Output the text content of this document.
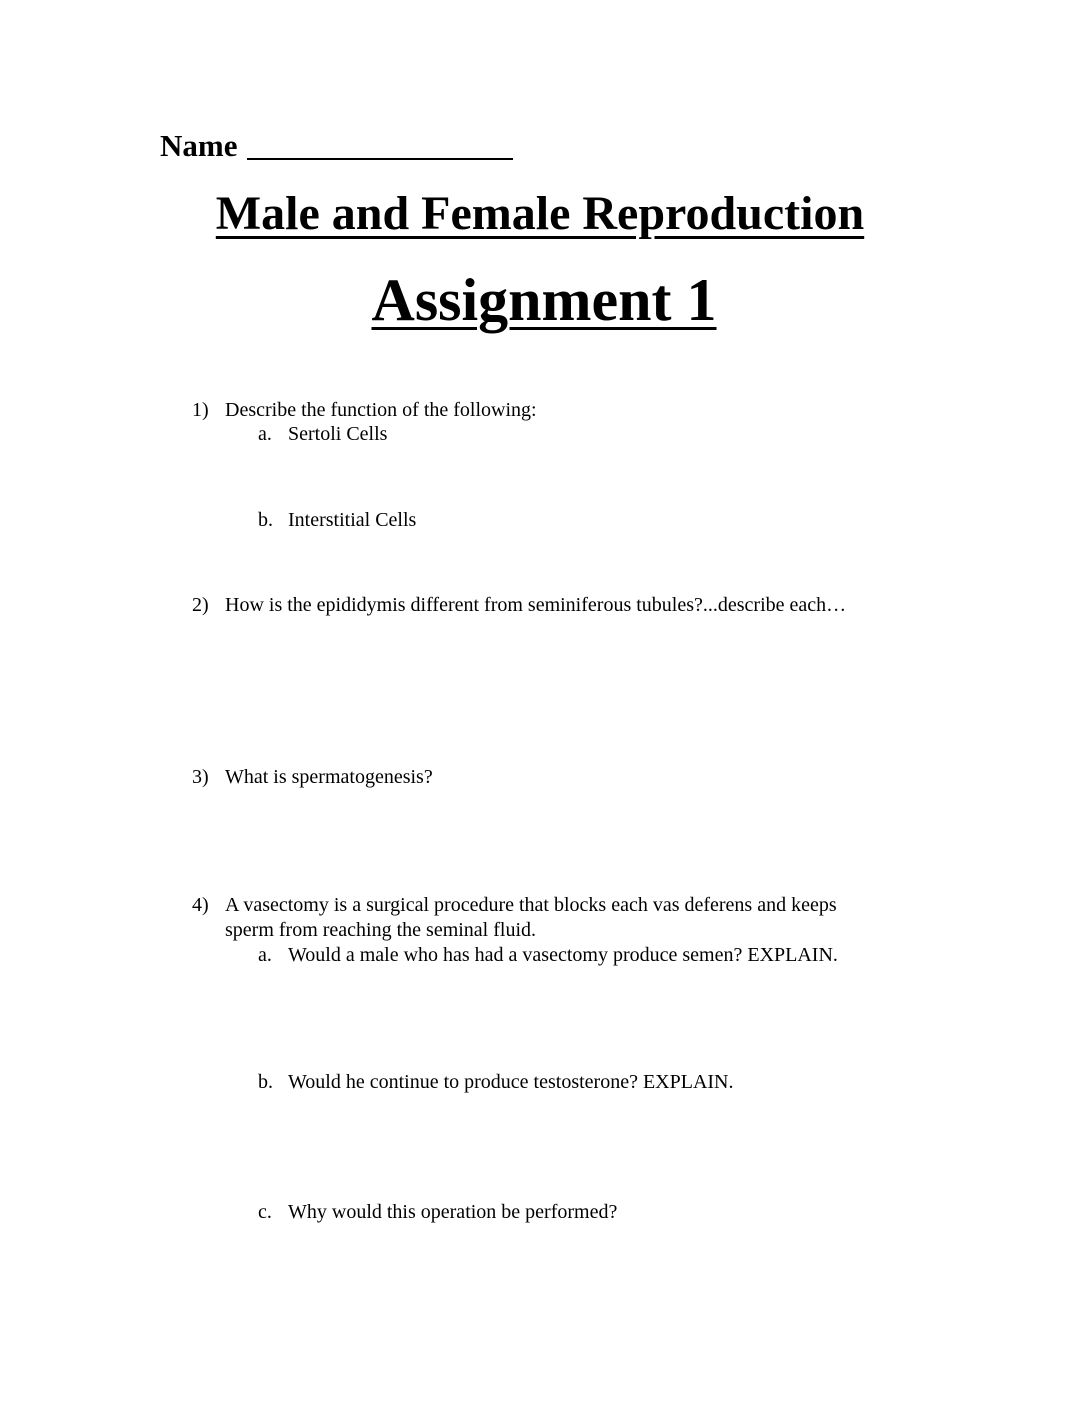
Name
Male and Female Reproduction
Assignment 1
1) Describe the function of the following:
a. Sertoli Cells
b. Interstitial Cells
2) How is the epididymis different from seminiferous tubules?...describe each…
3) What is spermatogenesis?
4) A vasectomy is a surgical procedure that blocks each vas deferens and keeps
sperm from reaching the seminal fluid.
a. Would a male who has had a vasectomy produce semen? EXPLAIN.
b. Would he continue to produce testosterone? EXPLAIN.
c. Why would this operation be performed?
